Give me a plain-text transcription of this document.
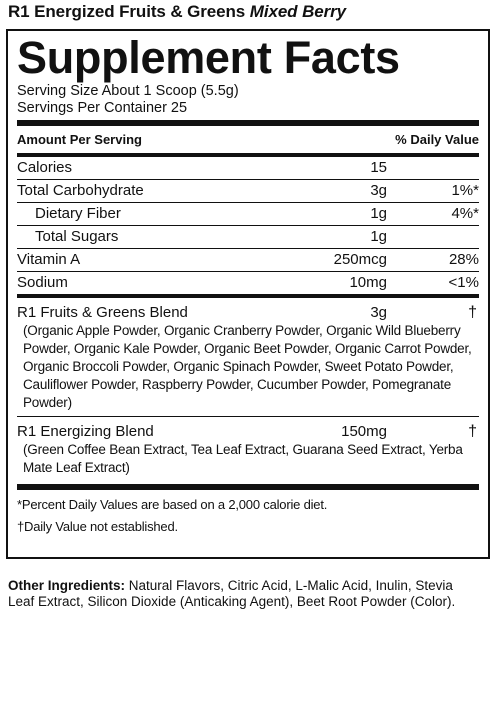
R1 Energized Fruits & Greens Mixed Berry
Supplement Facts
Serving Size About 1 Scoop (5.5g)
Servings Per Container 25
Amount Per Serving	% Daily Value
Calories	15
Total Carbohydrate	3g	1%*
Dietary Fiber	1g	4%*
Total Sugars	1g
Vitamin A	250mcg	28%
Sodium	10mg	<1%
R1 Fruits & Greens Blend	3g	†
(Organic Apple Powder, Organic Cranberry Powder, Organic Wild Blueberry Powder, Organic Kale Powder, Organic Beet Powder, Organic Carrot Powder, Organic Broccoli Powder, Organic Spinach Powder, Sweet Potato Powder, Cauliflower Powder, Raspberry Powder, Cucumber Powder, Pomegranate Powder)
R1 Energizing Blend	150mg	†
(Green Coffee Bean Extract, Tea Leaf Extract, Guarana Seed Extract, Yerba Mate Leaf Extract)
*Percent Daily Values are based on a 2,000 calorie diet.
†Daily Value not established.
Other Ingredients: Natural Flavors, Citric Acid, L-Malic Acid, Inulin, Stevia Leaf Extract, Silicon Dioxide (Anticaking Agent), Beet Root Powder (Color).
